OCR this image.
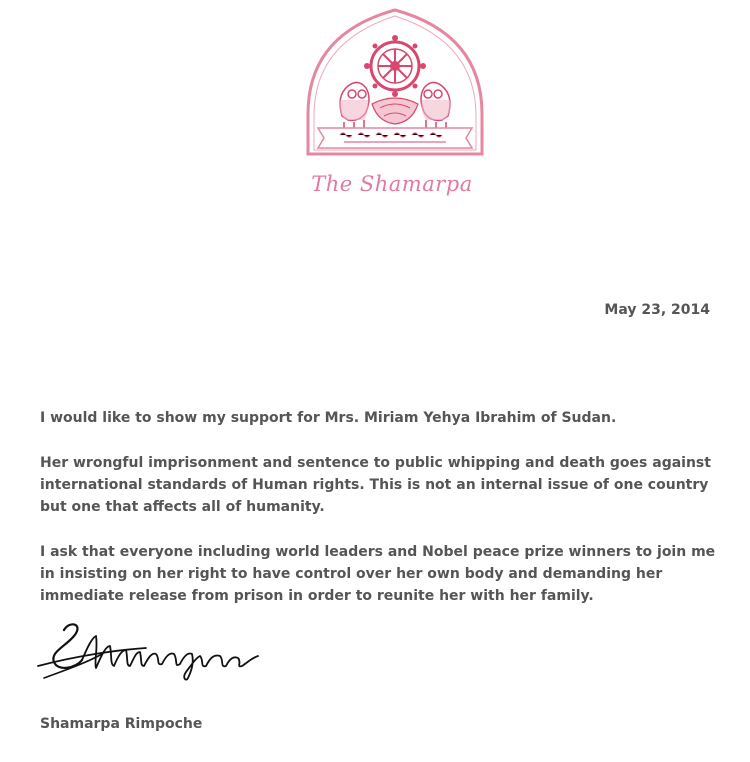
The Shamarpa
May 23, 2014

I would like to show my support for Mrs. Miriam Yehya Ibrahim of Sudan.

Her wrongful imprisonment and sentence to public whipping and death goes against international standards of Human rights. This is not an internal issue of one country but one that affects all of humanity.

I ask that everyone including world leaders and Nobel peace prize winners to join me in insisting on her right to have control over her own body and demanding her immediate release from prison in order to reunite her with her family.

Shamarpa Rimpoche
